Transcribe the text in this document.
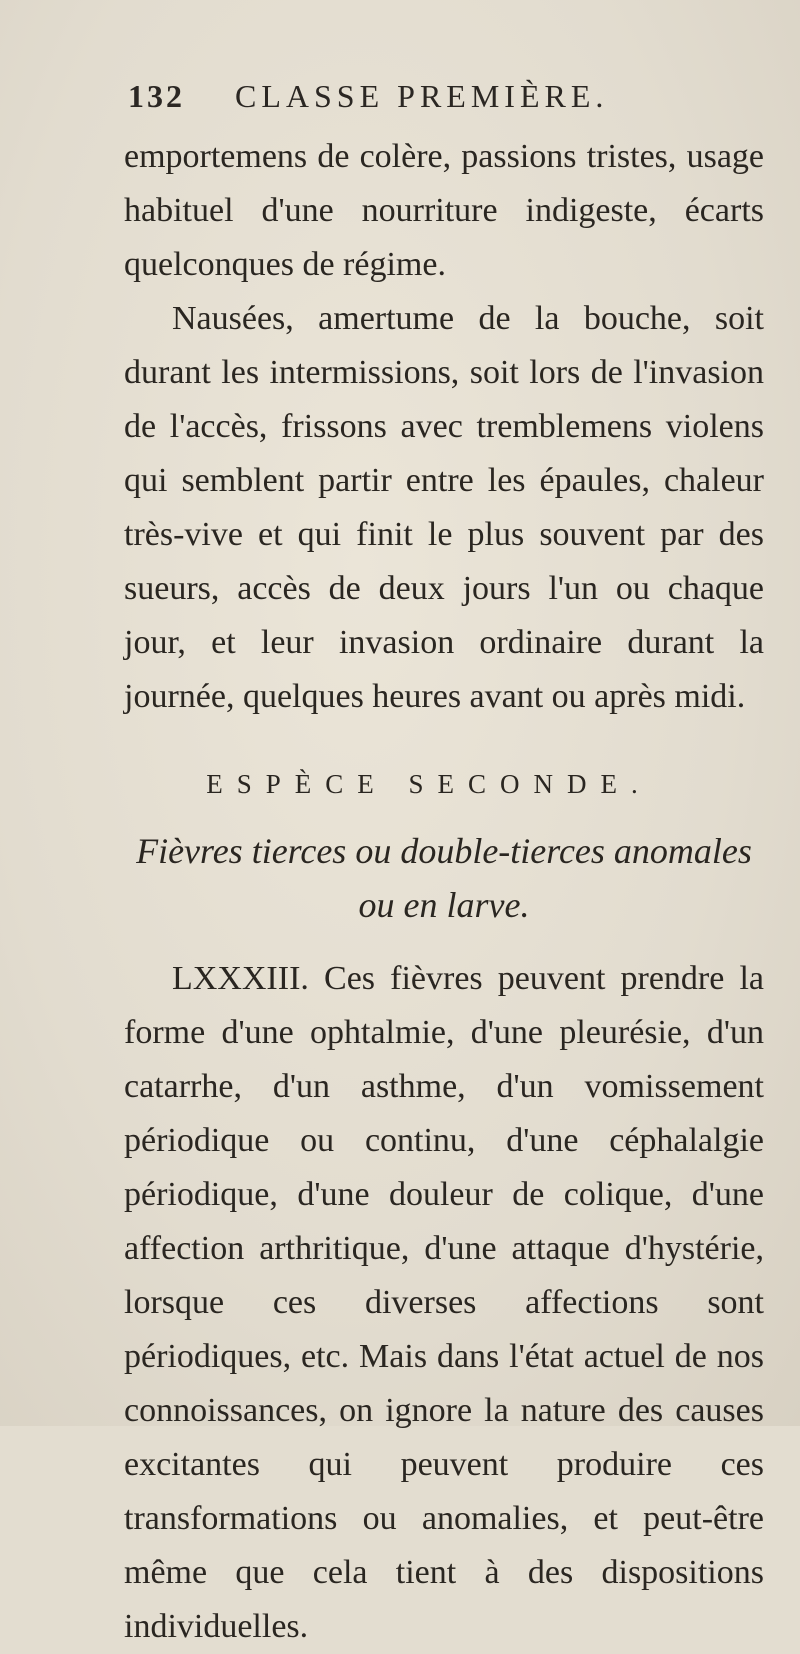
132 CLASSE PREMIÈRE.

emportemens de colère, passions tristes, usage habituel d'une nourriture indigeste, écarts quelconques de régime.

Nausées, amertume de la bouche, soit durant les intermissions, soit lors de l'invasion de l'accès, frissons avec tremblemens violens qui semblent partir entre les épaules, chaleur très-vive et qui finit le plus souvent par des sueurs, accès de deux jours l'un ou chaque jour, et leur invasion ordinaire durant la journée, quelques heures avant ou après midi.

ESPÈCE SECONDE.
Fièvres tierces ou double-tierces anomales ou en larve.

LXXXIII. Ces fièvres peuvent prendre la forme d'une ophtalmie, d'une pleurésie, d'un catarrhe, d'un asthme, d'un vomissement périodique ou continu, d'une céphalalgie périodique, d'une douleur de colique, d'une affection arthritique, d'une attaque d'hystérie, lorsque ces diverses affections sont périodiques, etc. Mais dans l'état actuel de nos connoissances, on ignore la nature des causes excitantes qui peuvent produire ces transformations ou anomalies, et peut-être même que cela tient à des dispositions individuelles.
